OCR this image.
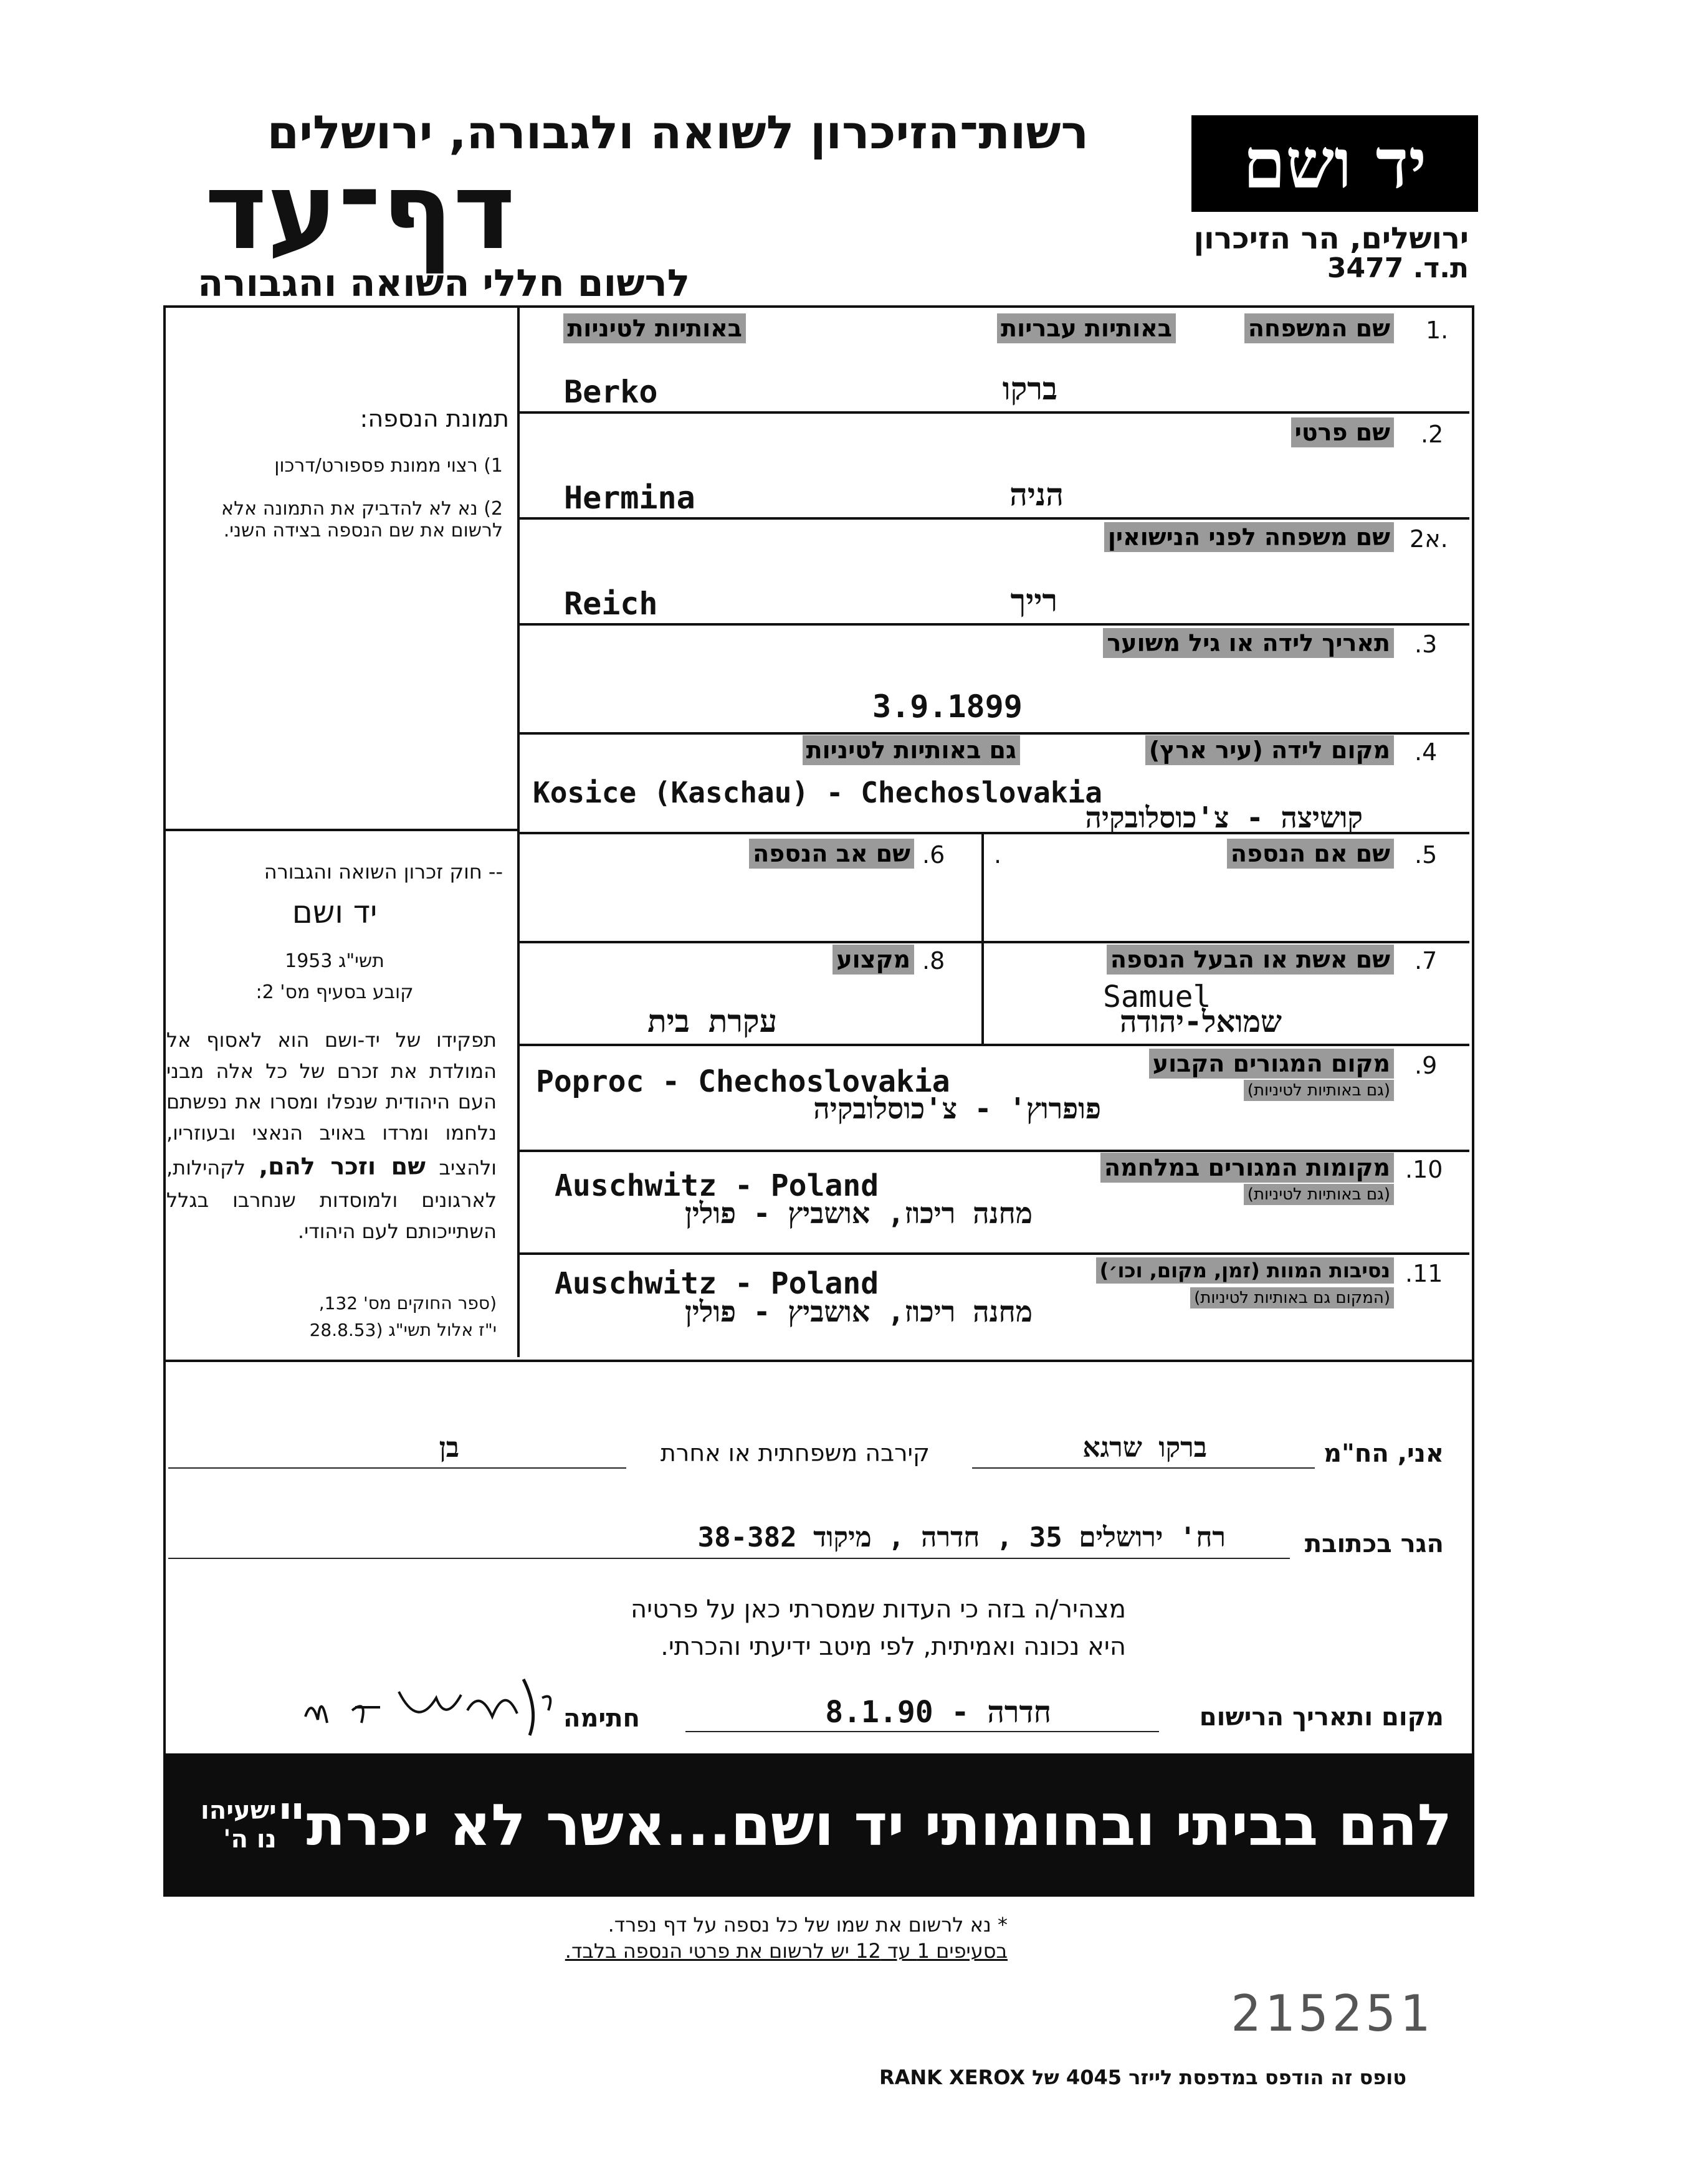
יד ושם
ירושלים, הר הזיכרון
ת.ד. 3477
רשות־הזיכרון לשואה ולגבורה, ירושלים
דף־עד
לרשום חללי השואה והגבורה
תמונת הנספה:
1) רצוי ממונת פספורט/דרכון
2) נא לא להדביק את התמונה אלא לרשום את שם הנספה בצידה השני.
-- חוק זכרון השואה והגבורה
יד ושם
תשי"ג 1953
קובע בסעיף מס' 2:
תפקידו של יד-ושם הוא לאסוף אל המולדת את זכרם של כל אלה מבני העם היהודית שנפלו ומסרו את נפשתם נלחמו ומרדו באויב הנאצי ובעוזריו, ולהציב שם וזכר להם, לקהילות, לארגונים ולמוסדות שנחרבו בגלל השתייכותם לעם היהודי.
(ספר החוקים מס' 132,
י"ז אלול תשי"ג (28.8.53
1.
שם המשפחה
באותיות עבריות
באותיות לטיניות
Berko	ברקו
.2
שם פרטי
Hermina	הניה
2א.
שם משפחה לפני הנישואין
Reich	רייך
.3
תאריך לידה או גיל משוער
3.9.1899
.4
מקום לידה (עיר ארץ)
גם באותיות לטיניות
Kosice (Kaschau) - Chechoslovakia
קושיצה - צ'כוסלובקיה
.5
שם אם הנספה
.
.6
שם אב הנספה
.7
שם אשת או הבעל הנספה
Samuel
שמואל-יהודה
.8
מקצוע
עקרת בית
.9
מקום המגורים הקבוע
(גם באותיות לטיניות)
Poproc - Chechoslovakia
פופרוץ' - צ'כוסלובקיה
.10
מקומות המגורים במלחמה
(גם באותיות לטיניות)
Auschwitz - Poland
מחנה ריכוז, אושביץ - פולין
.11
נסיבות המוות (זמן, מקום, וכו׳)
(המקום גם באותיות לטיניות)
Auschwitz - Poland
מחנה ריכוז, אושביץ - פולין
אני, הח"מ
ברקו שרגא
קירבה משפחתית או אחרת
בן
הגר בכתובת
רח' ירושלים 35 , חדרה , מיקוד 38-382
מצהיר/ה בזה כי העדות שמסרתי כאן על פרטיה
היא נכונה ואמיתית, לפי מיטב ידיעתי והכרתי.
מקום ותאריך הרישום
חדרה - 8.1.90
חתימה
ישעיהו נו ה' "...ונתתי להם בביתי ובחומותי יד ושם...אשר לא יכרת"
* נא לרשום את שמו של כל נספה על דף נפרד.
בסעיפים 1 עד 12 יש לרשום את פרטי הנספה בלבד.
215251
טופס זה הודפס במדפסת לייזר 4045 של RANK XEROX
